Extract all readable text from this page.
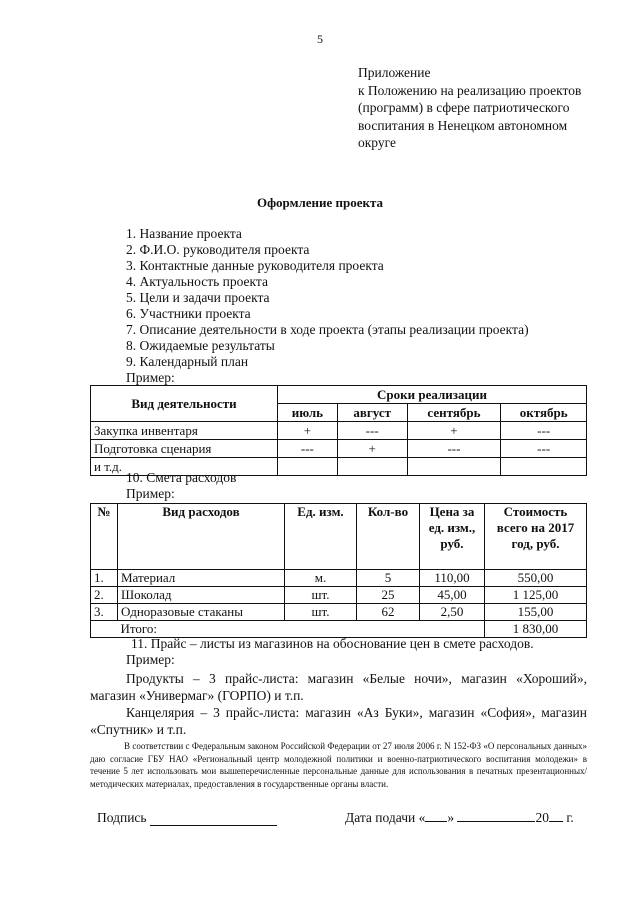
5
Приложение
к Положению на реализацию проектов
(программ) в сфере патриотического
воспитания в Ненецком автономном
округе
Оформление проекта
1. Название проекта
2. Ф.И.О. руководителя проекта
3. Контактные данные руководителя проекта
4. Актуальность проекта
5. Цели и задачи проекта
6. Участники проекта
7. Описание деятельности в ходе проекта (этапы реализации проекта)
8. Ожидаемые результаты
9. Календарный план
Пример:
Вид деятельности	Сроки реализации			
	июль	август	сентябрь	октябрь
Закупка инвентаря	+	---	+	---
Подготовка сценария	---	+	---	---
и т.д.				
10. Смета расходов
Пример:
№	Вид расходов	Ед. изм.	Кол-во	Цена за ед. изм., руб.	Стоимость всего на 2017 год, руб.
1.	Материал	м.	5	110,00	550,00
2.	Шоколад	шт.	25	45,00	1 125,00
3.	Одноразовые стаканы	шт.	62	2,50	155,00
	Итого:				1 830,00
11. Прайс – листы из магазинов на обоснование цен в смете расходов.
Пример:
Продукты – 3 прайс-листа: магазин «Белые ночи», магазин «Хороший», магазин «Универмаг» (ГОРПО) и т.п.
Канцелярия – 3 прайс-листа: магазин «Аз Буки», магазин «София», магазин «Спутник» и т.п.
В соответствии с Федеральным законом Российской Федерации от 27 июля 2006 г. N 152-ФЗ «О персональных данных» даю согласие ГБУ НАО «Региональный центр молодежной политики и военно-патриотического воспитания молодежи» в течение 5 лет использовать мои вышеперечисленные персональные данные для использования в печатных презентационных/методических материалах, предоставления в государственные органы власти.
Подпись	Дата подачи « »	20 г.
